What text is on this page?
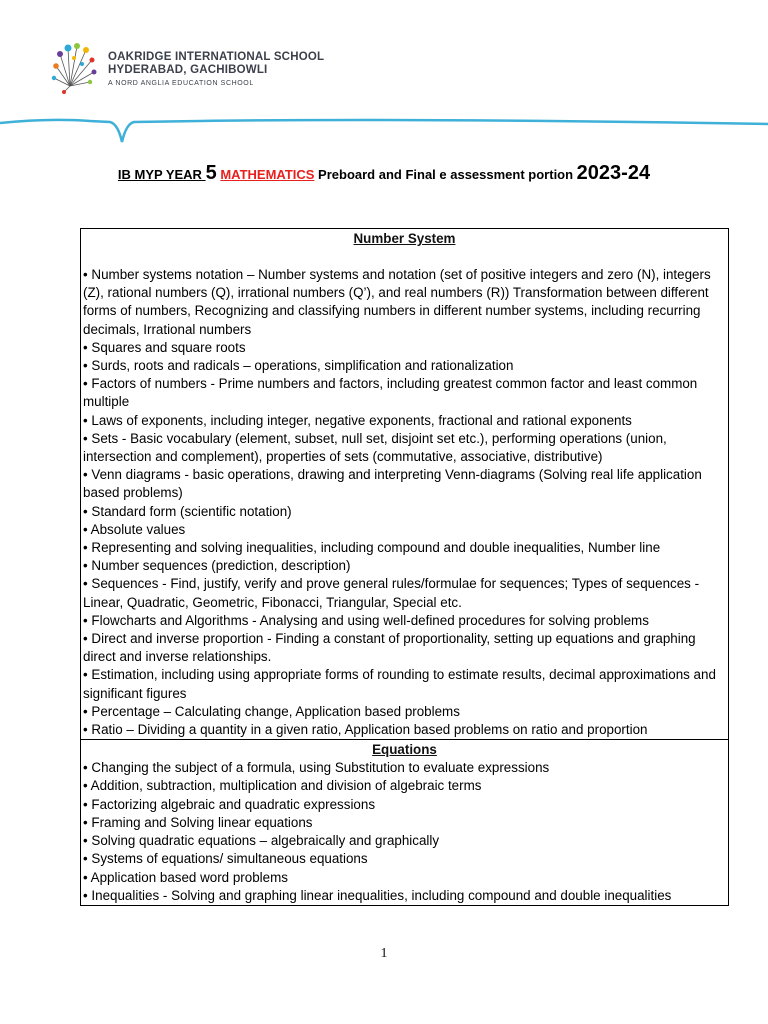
OAKRIDGE INTERNATIONAL SCHOOL
HYDERABAD, GACHIBOWLI
A NORD ANGLIA EDUCATION SCHOOL
IB MYP YEAR 5 MATHEMATICS Preboard and Final e assessment portion 2023-24

Number System

• Number systems notation – Number systems and notation (set of positive integers and zero (N), integers (Z), rational numbers (Q), irrational numbers (Q’), and real numbers (R)) Transformation between different forms of numbers, Recognizing and classifying numbers in different number systems, including recurring decimals, Irrational numbers
• Squares and square roots
• Surds, roots and radicals – operations, simplification and rationalization
• Factors of numbers - Prime numbers and factors, including greatest common factor and least common multiple
• Laws of exponents, including integer, negative exponents, fractional and rational exponents
• Sets - Basic vocabulary (element, subset, null set, disjoint set etc.), performing operations (union, intersection and complement), properties of sets (commutative, associative, distributive)
• Venn diagrams - basic operations, drawing and interpreting Venn-diagrams (Solving real life application based problems)
• Standard form (scientific notation)
• Absolute values
• Representing and solving inequalities, including compound and double inequalities, Number line
• Number sequences (prediction, description)
• Sequences - Find, justify, verify and prove general rules/formulae for sequences; Types of sequences - Linear, Quadratic, Geometric, Fibonacci, Triangular, Special etc.
• Flowcharts and Algorithms - Analysing and using well-defined procedures for solving problems
• Direct and inverse proportion - Finding a constant of proportionality, setting up equations and graphing direct and inverse relationships.
• Estimation, including using appropriate forms of rounding to estimate results, decimal approximations and significant figures
• Percentage – Calculating change, Application based problems
• Ratio – Dividing a quantity in a given ratio, Application based problems on ratio and proportion

Equations

• Changing the subject of a formula, using Substitution to evaluate expressions
• Addition, subtraction, multiplication and division of algebraic terms
• Factorizing algebraic and quadratic expressions
• Framing and Solving linear equations
• Solving quadratic equations – algebraically and graphically
• Systems of equations/ simultaneous equations
• Application based word problems
• Inequalities - Solving and graphing linear inequalities, including compound and double inequalities
1
